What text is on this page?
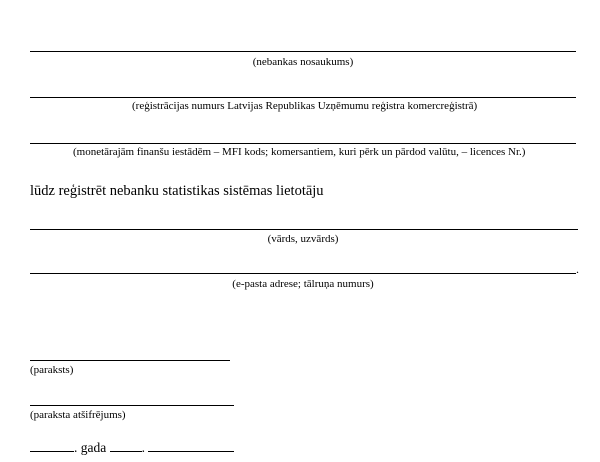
(nebankas nosaukums)
(reģistrācijas numurs Latvijas Republikas Uzņēmumu reģistra komercreģistrā)
(monetārajām finanšu iestādēm – MFI kods; komersantiem, kuri pērk un pārdod valūtu, – licences Nr.)
lūdz reģistrēt nebanku statistikas sistēmas lietotāju
(vārds, uzvārds)
.
(e-pasta adrese; tālruņa numurs)
(paraksts)
(paraksta atšifrējums)
. gada	.
